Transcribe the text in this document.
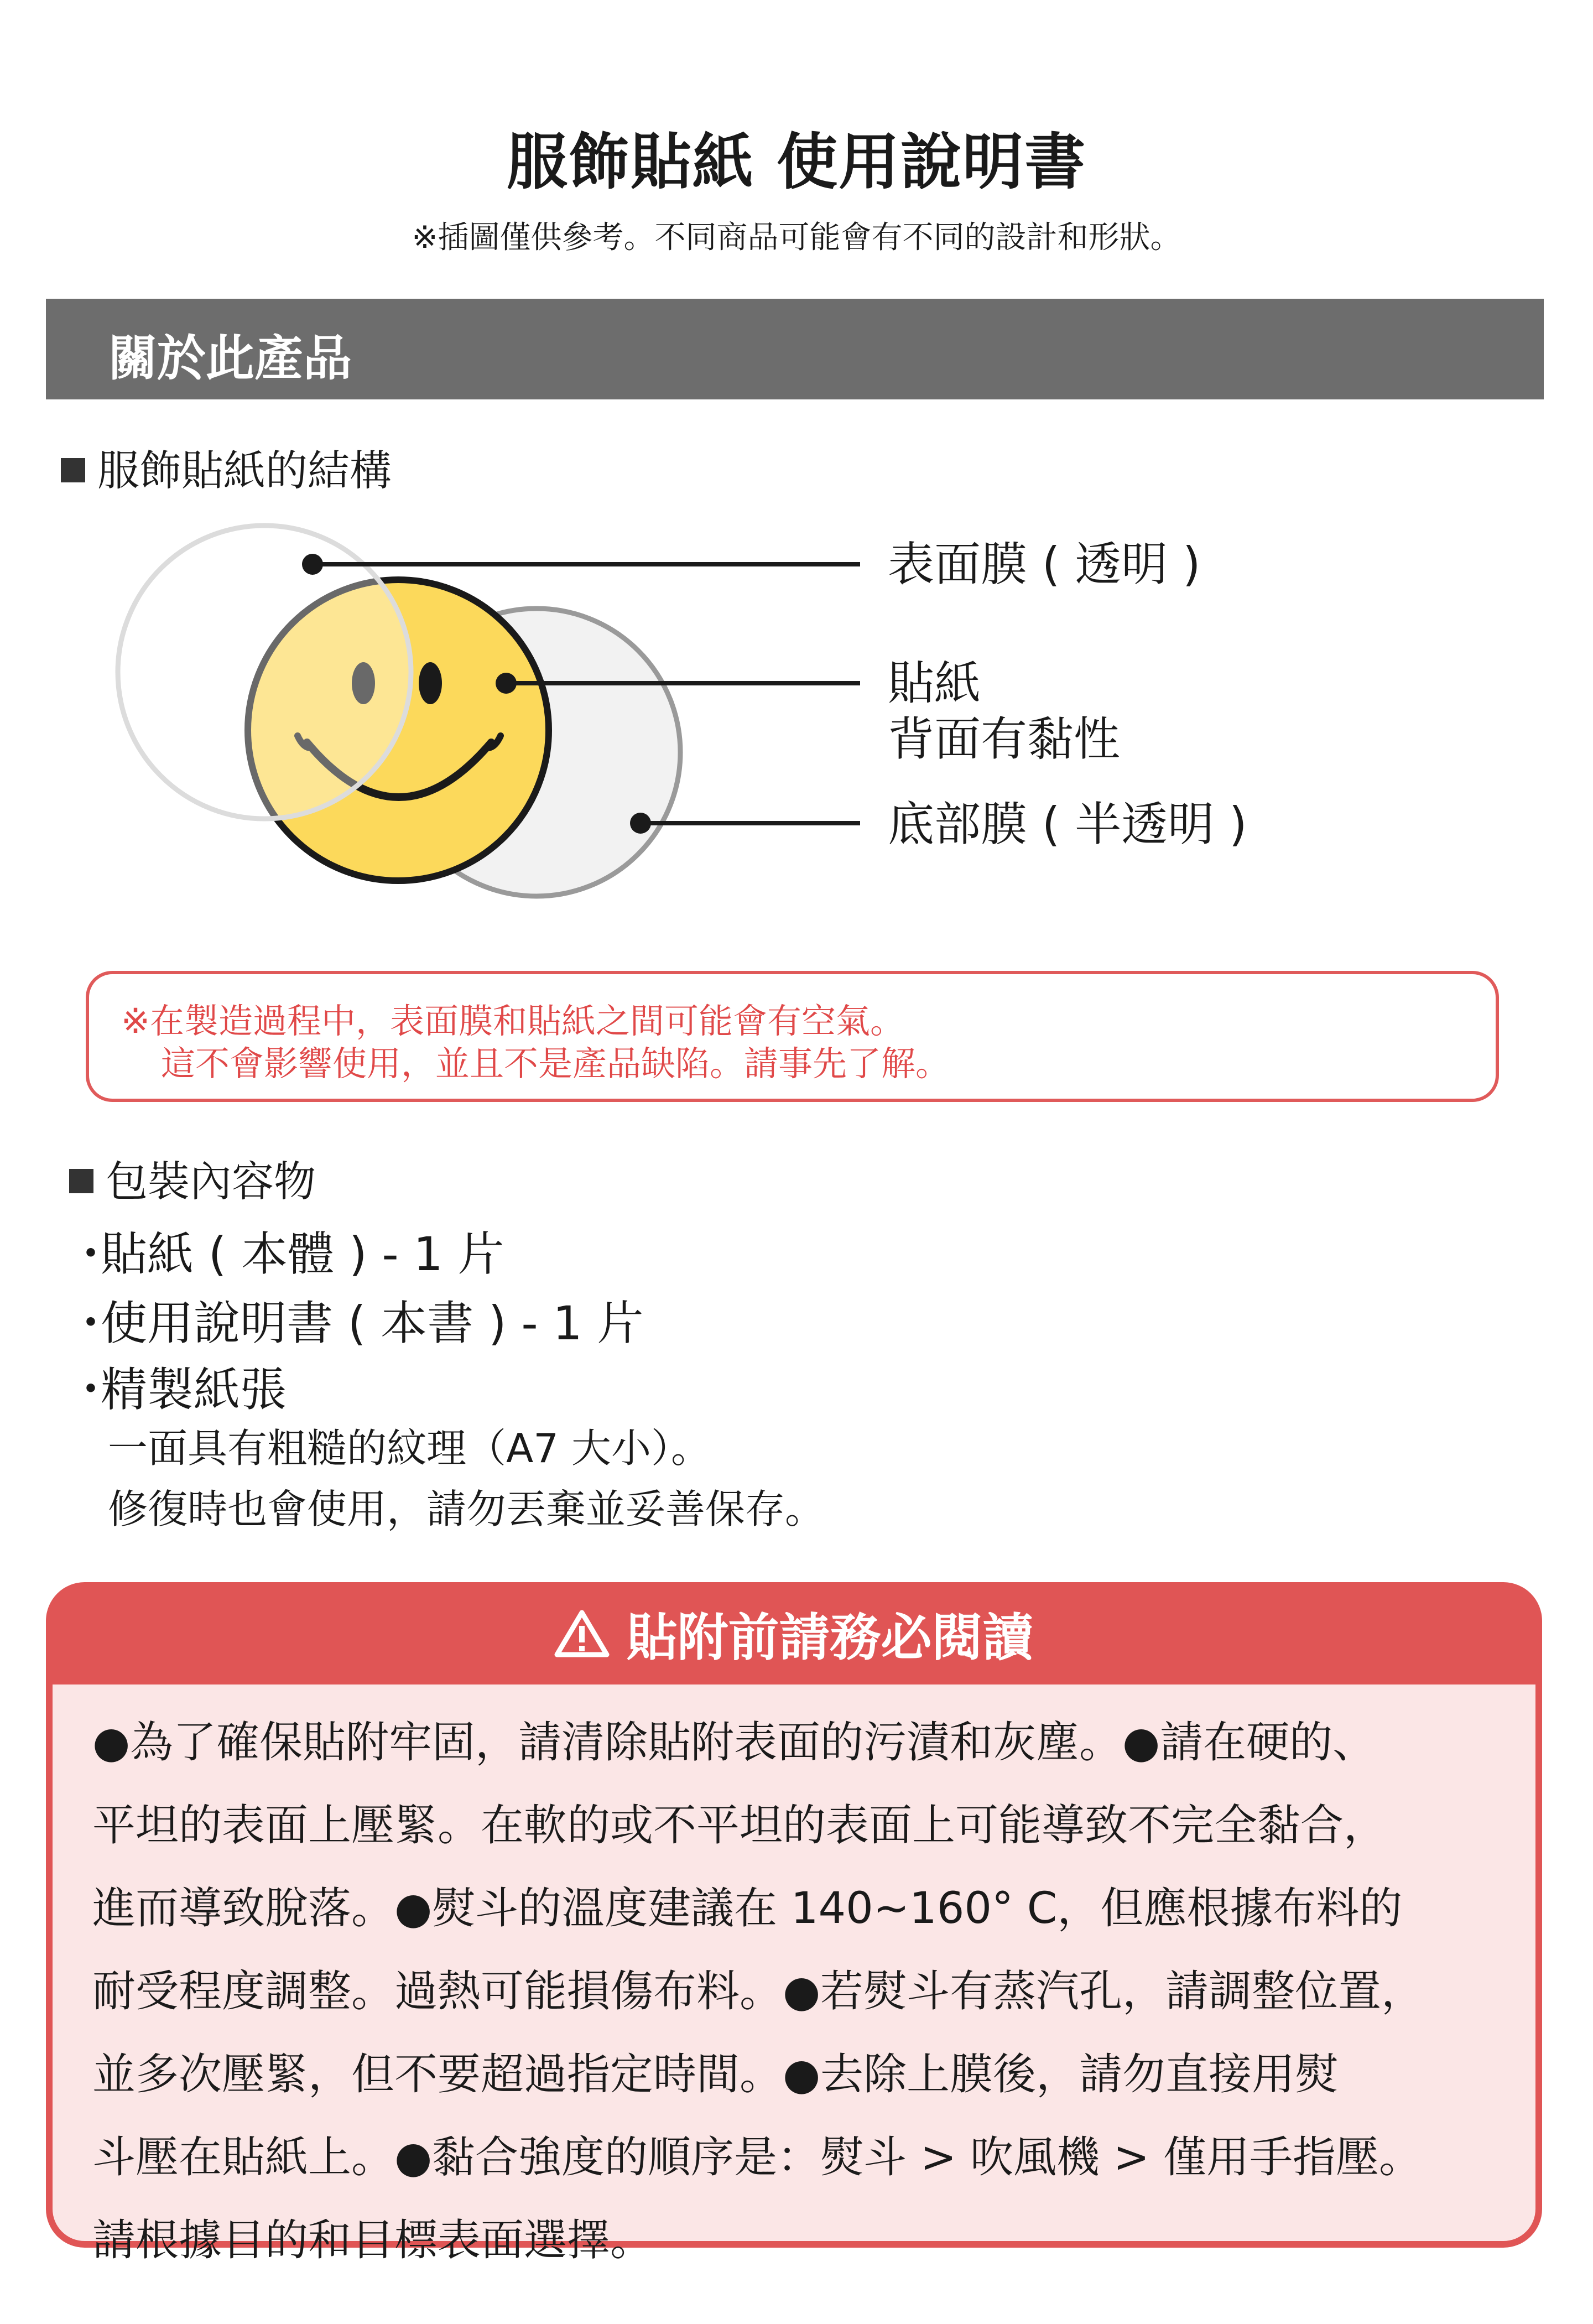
服飾貼紙 使用說明書
※插圖僅供參考。不同商品可能會有不同的設計和形狀。
關於此產品
服飾貼紙的結構
表面膜 ( 透明 )
貼紙
背面有黏性
底部膜 ( 半透明 )
※在製造過程中，表面膜和貼紙之間可能會有空氣。
這不會影響使用，並且不是產品缺陷。請事先了解。
包裝內容物
・貼紙 ( 本體 ) - 1 片
・使用說明書 ( 本書 ) - 1 片
・精製紙張
一面具有粗糙的紋理（A7 大小）。
修復時也會使用，請勿丟棄並妥善保存。
貼附前請務必閱讀
●為了確保貼附牢固，請清除貼附表面的污漬和灰塵。●請在硬的、
平坦的表面上壓緊。在軟的或不平坦的表面上可能導致不完全黏合，
進而導致脫落。●熨斗的溫度建議在 140~160° C，但應根據布料的
耐受程度調整。過熱可能損傷布料。●若熨斗有蒸汽孔，請調整位置，
並多次壓緊，但不要超過指定時間。●去除上膜後，請勿直接用熨
斗壓在貼紙上。●黏合強度的順序是：熨斗 > 吹風機 > 僅用手指壓。
請根據目的和目標表面選擇。
